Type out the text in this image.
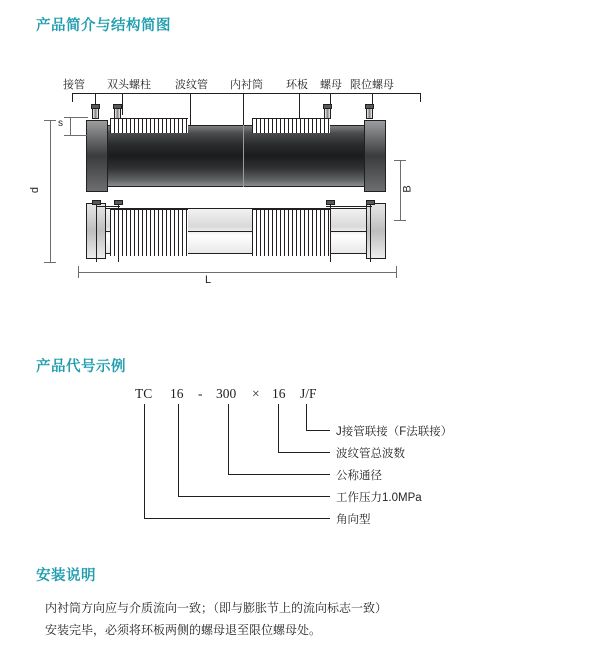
产品简介与结构简图
接管 双头螺柱 波纹管 内衬筒 环板 螺母 限位螺母
s
d	B
L
产品代号示例
TC 16 - 300 × 16 J/F
J接管联接（F法联接）
波纹管总波数
公称通径
工作压力1.0MPa
角向型
安装说明
内衬筒方向应与介质流向一致；（即与膨胀节上的流向标志一致）
安装完毕，必须将环板两侧的螺母退至限位螺母处。
